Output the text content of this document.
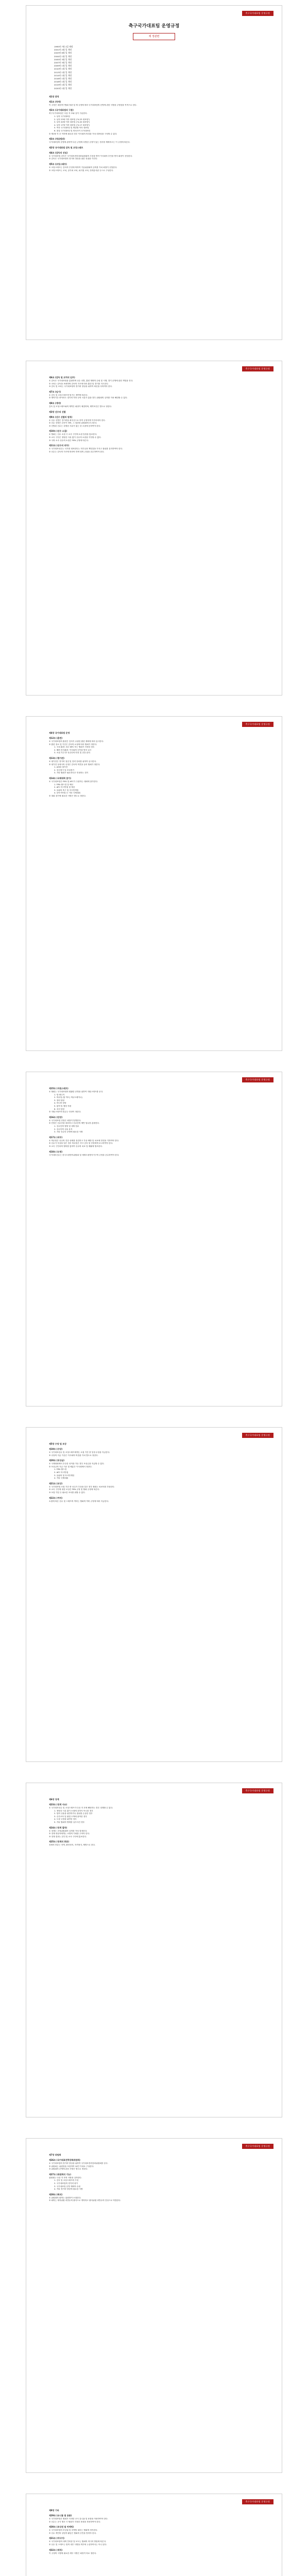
축구국가대표팀 운영규정
축구국가대표팀 운영규정
제 정관련
1995년 7월 1일 제정
2001년 2월 일 개정
2003년 6월 일 개정
2004년 1월 일 개정
2005년 3월 일 개정
2007년 3월 일 개정
2009년 1월 일 개정
2010년 1월 일 개정
2013년 1월 일 개정
2014년 1월 일 개정
2016년 1월 일 개정
2018년 1월 일 개정
2019년 1월 일 개정
2020년 1월 일 개정
제1장 총칙
제1조 (목적)

이 규정은 대한축구협회 정관 및 제 규정에 따라 국가대표팀의 운영에 관한 사항을 규정함을 목적으로 한다.

제2조 (국가대표팀의 구분)

축구국가대표팀은 다음 각 호와 같이 구분한다.

1. 남자 국가대표팀

2. 남자 23세 이하 대표팀 ("U-23 대표팀")

3. 남자 20세 이하 대표팀 ("U-20 대표팀")

4. 남자 17세 이하 대표팀 ("U-17 대표팀")

5. 여자 국가대표팀 및 연령별 여자 대표팀

6. 풋살 국가대표팀 및 비치사커 국가대표팀

② 제1항 각 호 이외에 필요한 경우 이사회의 의결을 거쳐 대표팀을 구성할 수 있다.

제3조 (적용범위)

국가대표팀의 운영에 관하여 다른 규정에 특별한 규정이 있는 경우를 제외하고는 이 규정에 따른다.

제2장 국가대표팀 감독 및 코칭스태프
제4조 (감독의 선임)

① 국가대표팀 감독은 국가대표전력강화위원회의 추천을 받아 이사회의 승인을 얻어 회장이 선임한다.

② 감독은 국가대표팀의 경기력 향상을 위한 전권을 가진다.

제5조 (코칭스태프)

① 코칭스태프는 감독의 추천에 의하여 기술위원회의 심의를 거쳐 회장이 선임한다.

② 코칭스태프는 코치, 골키퍼 코치, 피지컬 코치, 전력분석관 등으로 구성한다.

축구국가대표팀 운영규정
제6조 (감독 및 코치의 임무)

① 감독은 국가대표팀을 총괄하며 선수 선발, 훈련 계획의 수립 및 시행, 경기 운영에 관한 책임을 진다.

② 코치는 감독을 보좌하며 감독의 지시에 따라 훈련 및 경기를 지도한다.

③ 감독 및 코치는 국가대표팀의 경기력 향상을 위하여 최선을 다하여야 한다.

제7조 (임기)

① 감독 및 코칭스태프의 임기는 계약에 따른다.

② 계약기간 중이라도 경기력 저하 등의 사유가 있을 경우 위원회의 심의를 거쳐 해임할 수 있다.

제8조 (계약)

감독 및 코칭스태프와의 계약은 회장이 체결하며, 계약조건은 별도로 정한다.

제3장 선수의 선발
제9조 (선수 선발의 원칙)

① 선수 선발은 경기력을 최우선으로 하여 공정하게 이루어져야 한다.

② 선수 선발은 감독이 하며, 그 결과를 위원회에 보고한다.

③ 선발된 선수는 특별한 사유가 없는 한 소집에 응하여야 한다.

제10조 (선수 소집)

① 협회는 선수 소집 시 소속 구단에 소집 일정을 통보한다.

② 소속 구단은 정당한 사유 없이 선수의 소집을 거부할 수 없다.

③ 국외 소속 선수의 소집은 FIFA 규정에 따른다.

제11조 (선수의 의무)

① 국가대표선수는 국가를 대표한다는 자부심과 책임감을 가지고 품위를 유지하여야 한다.

② 선수는 감독의 지시에 따라야 하며 팀의 규율을 준수하여야 한다.

축구국가대표팀 운영규정
제4장 국가대표팀 운영
제12조 (훈련)

① 국가대표팀의 훈련은 감독이 수립한 훈련 계획에 따라 실시한다.

② 훈련 장소 및 기간은 감독의 요청에 따라 협회가 정한다.

1. 국내 훈련: 파주 NFC 또는 협회가 지정한 장소

2. 해외 전지훈련: 이사회의 승인을 얻어 실시

3. 소집 기간 중 선수단의 안전 및 건강 관리

제13조 (평가전)

① 평가전은 경기력 점검 및 전력 강화를 위하여 실시한다.

② 평가전 상대국의 선정은 감독의 의견을 들어 협회가 정한다.

1. A매치 평가전

2. 친선경기 및 초청경기

3. 기타 협회가 필요하다고 인정하는 경기

제14조 (국제대회 참가)

① 국가대표팀은 FIFA 및 AFC가 주관하는 대회에 참가한다.

1. FIFA 월드컵 및 예선

2. AFC 아시안컵 및 예선

3. 올림픽 축구 및 아시안게임

4. 동아시안컵 등 기타 국제대회

② 대회 참가에 필요한 사항은 별도로 정한다.

축구국가대표팀 운영규정
제15조 (지원스태프)

① 협회는 국가대표팀의 원활한 운영을 위하여 지원스태프를 둔다.

1. 팀 매니저

2. 의무팀 (팀 닥터, 의무트레이너)

3. 장비 담당

4. 미디어 담당

5. 통역 및 행정 지원

6. 조리 담당

② 지원스태프의 임무는 단장이 정한다.

제16조 (단장)

① 국가대표팀 단장은 회장이 임명한다.

② 단장은 선수단을 대표하고 선수단의 제반 업무를 총괄한다.

1. 선수단의 행정 및 대외 업무

2. 선수단의 규율 유지

3. 기타 선수단 운영에 필요한 사항

제17조 (의무)

① 의무팀은 선수의 건강 상태를 점검하고 부상 예방 및 치료에 만전을 기하여야 한다.

② 선수가 부상을 입은 경우 의무팀은 즉시 감독 및 단장에게 보고하여야 한다.

③ 소속 구단과의 협의를 통하여 선수의 치료 및 재활에 협조한다.

제18조 (도핑)

국가대표선수는 한국도핑방지위원회 및 세계도핑방지기구의 규정을 준수하여야 한다.

축구국가대표팀 운영규정
제5장 수당 및 보상
제19조 (수당)

① 국가대표선수 및 코칭스태프에게는 소집 기간 중 일정 수당을 지급한다.

② 수당의 지급 기준은 이사회의 의결을 거쳐 별도로 정한다.

제20조 (포상금)

① 국제대회에서 우수한 성적을 거둔 경우 포상금을 지급할 수 있다.

② 포상금의 지급 기준 및 배분은 이사회에서 정한다.

1. FIFA 월드컵

2. AFC 아시안컵

3. 올림픽 및 아시안게임

4. 기타 국제대회

제21조 (보상)

① 국가대표팀 소집 기간 중 선수가 부상을 입은 경우 협회는 치료비를 부담한다.

② 소속 구단에 대한 보상은 FIFA 규정 및 협회 규정에 따른다.

③ 보험 가입 등 필요한 조치를 취할 수 있다.

제22조 (여비)

소집에 따른 선수 및 스태프의 여비는 협회의 여비 규정에 따라 지급한다.

축구국가대표팀 운영규정
제6장 징계
제23조 (징계 사유)

① 국가대표선수 및 코칭스태프가 다음 각 호에 해당하는 경우 징계할 수 있다.

1. 정당한 사유 없이 소집에 응하지 아니한 경우

2. 팀의 규율을 위반하거나 품위를 손상한 경우

3. 승부조작 및 불법 도박에 관여한 경우

4. 도핑 규정을 위반한 경우

5. 기타 협회의 명예를 실추시킨 경우

제24조 (징계 절차)

① 징계는 공정위원회의 심의를 거쳐 결정한다.

② 징계 대상자에게는 소명의 기회를 주어야 한다.

③ 징계 결과는 본인 및 소속 구단에 통보한다.

제25조 (징계의 종류)

징계의 종류는 견책, 출전정지, 자격정지, 제명으로 한다.

축구국가대표팀 운영규정
제7장 위원회
제26조 (국가대표전력강화위원회)

① 국가대표팀의 경기력 향상을 위하여 국가대표전력강화위원회를 둔다.

② 위원회는 위원장을 포함하여 10인 이내로 구성한다.

③ 위원회의 운영에 관한 사항은 별도로 정한다.

제27조 (위원회의 기능)

위원회는 다음 각 호의 사항을 심의한다.

1. 감독 및 코칭스태프의 추천

2. 국가대표팀의 경기력 평가

3. 국가대표팀 운영 계획의 수립

4. 기타 경기력 향상에 필요한 사항

제28조 (회의)

① 위원회의 회의는 위원장이 소집한다.

② 회의는 재적위원 과반수의 출석으로 개의하고 출석위원 과반수의 찬성으로 의결한다.

축구국가대표팀 운영규정
제8장 기타
제29조 (유니폼 및 용품)

① 국가대표팀은 협회가 지정한 공식 유니폼 및 용품을 착용하여야 한다.

② 선수는 공식 행사 시 협회가 지정한 복장을 착용하여야 한다.

제30조 (초상권 및 마케팅)

① 국가대표팀의 초상권 및 마케팅 권리는 협회에 귀속한다.

② 선수 개인의 상업적 활동은 협회의 승인을 얻어야 한다.

제31조 (미디어)

① 국가대표팀의 대외 인터뷰 및 보도는 협회의 미디어 방침에 따른다.

② 선수 및 스태프는 팀의 내부 사항을 외부에 누설하여서는 아니 된다.

제32조 (세칙)

이 규정의 시행에 필요한 세부 사항은 회장이 따로 정한다.
